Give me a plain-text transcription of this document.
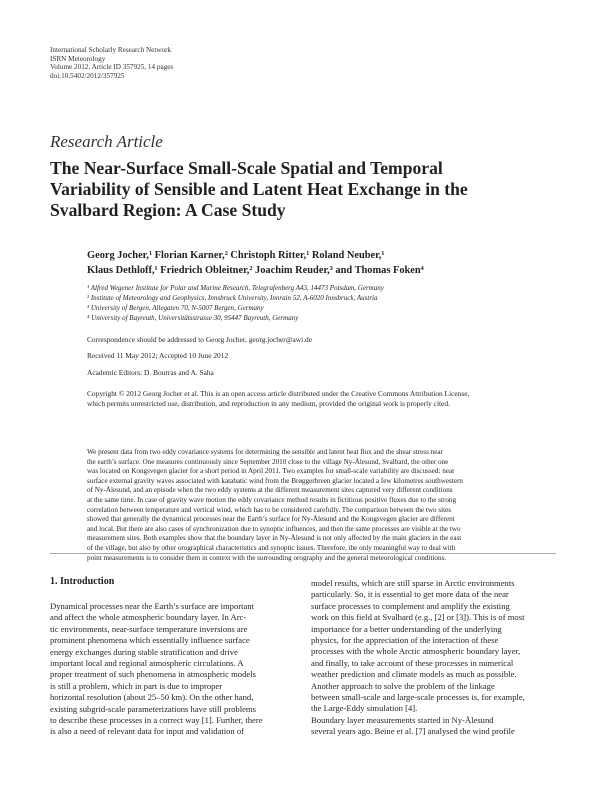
International Scholarly Research Network
ISRN Meteorology
Volume 2012, Article ID 357925, 14 pages
doi:10.5402/2012/357925
Research Article
The Near-Surface Small-Scale Spatial and Temporal
Variability of Sensible and Latent Heat Exchange in the
Svalbard Region: A Case Study
Georg Jocher,¹ Florian Karner,² Christoph Ritter,¹ Roland Neuber,¹
Klaus Dethloff,¹ Friedrich Obleitner,² Joachim Reuder,³ and Thomas Foken⁴
¹ Alfred Wegener Institute for Polar and Marine Research, Telegrafenberg A43, 14473 Potsdam, Germany
² Institute of Meteorology and Geophysics, Innsbruck University, Innrain 52, A-6020 Innsbruck, Austria
³ University of Bergen, Allegaten 70, N-5007 Bergen, Germany
⁴ University of Bayreuth, Universitätsstrasse 30, 95447 Bayreuth, Germany
Correspondence should be addressed to Georg Jocher, georg.jocher@awi.de
Received 11 May 2012; Accepted 10 June 2012
Academic Editors: D. Bourras and A. Saha
Copyright © 2012 Georg Jocher et al. This is an open access article distributed under the Creative Commons Attribution License,
which permits unrestricted use, distribution, and reproduction in any medium, provided the original work is properly cited.
We present data from two eddy covariance systems for determining the sensible and latent heat flux and the shear stress near
the earth’s surface. One measures continuously since September 2010 close to the village Ny-Ålesund, Svalbard, the other one
was located on Kongsvegen glacier for a short period in April 2011. Two examples for small-scale variability are discussed: near
surface external gravity waves associated with katabatic wind from the Brøggerbreen glacier located a few kilometres southwestern
of Ny-Ålesund, and an episode when the two eddy systems at the different measurement sites captured very different conditions
at the same time. In case of gravity wave motion the eddy covariance method results in fictitious positive fluxes due to the strong
correlation between temperature and vertical wind, which has to be considered carefully. The comparison between the two sites
showed that generally the dynamical processes near the Earth’s surface for Ny-Ålesund and the Kongsvegen glacier are different
and local. But there are also cases of synchronization due to synoptic influences, and then the same processes are visible at the two
measurement sites. Both examples show that the boundary layer in Ny-Ålesund is not only affected by the main glaciers in the east
of the village, but also by other orographical characteristics and synoptic issues. Therefore, the only meaningful way to deal with
point measurements is to consider them in context with the surrounding orography and the general meteorological conditions.
1. Introduction
Dynamical processes near the Earth’s surface are important
and affect the whole atmospheric boundary layer. In Arc-
tic environments, near-surface temperature inversions are
prominent phenomena which essentially influence surface
energy exchanges during stable stratification and drive
important local and regional atmospheric circulations. A
proper treatment of such phenomena in atmospheric models
is still a problem, which in part is due to improper
horizontal resolution (about 25–50 km). On the other hand,
existing subgrid-scale parameterizations have still problems
to describe these processes in a correct way [1]. Further, there
is also a need of relevant data for input and validation of
model results, which are still sparse in Arctic environments
particularly. So, it is essential to get more data of the near
surface processes to complement and amplify the existing
work on this field at Svalbard (e.g., [2] or [3]). This is of most
importance for a better understanding of the underlying
physics, for the appreciation of the interaction of these
processes with the whole Arctic atmospheric boundary layer,
and finally, to take account of these processes in numerical
weather prediction and climate models as much as possible.
Another approach to solve the problem of the linkage
between small-scale and large-scale processes is, for example,
the Large-Eddy simulation [4].
Boundary layer measurements started in Ny-Ålesund
several years ago. Beine et al. [7] analysed the wind profile
